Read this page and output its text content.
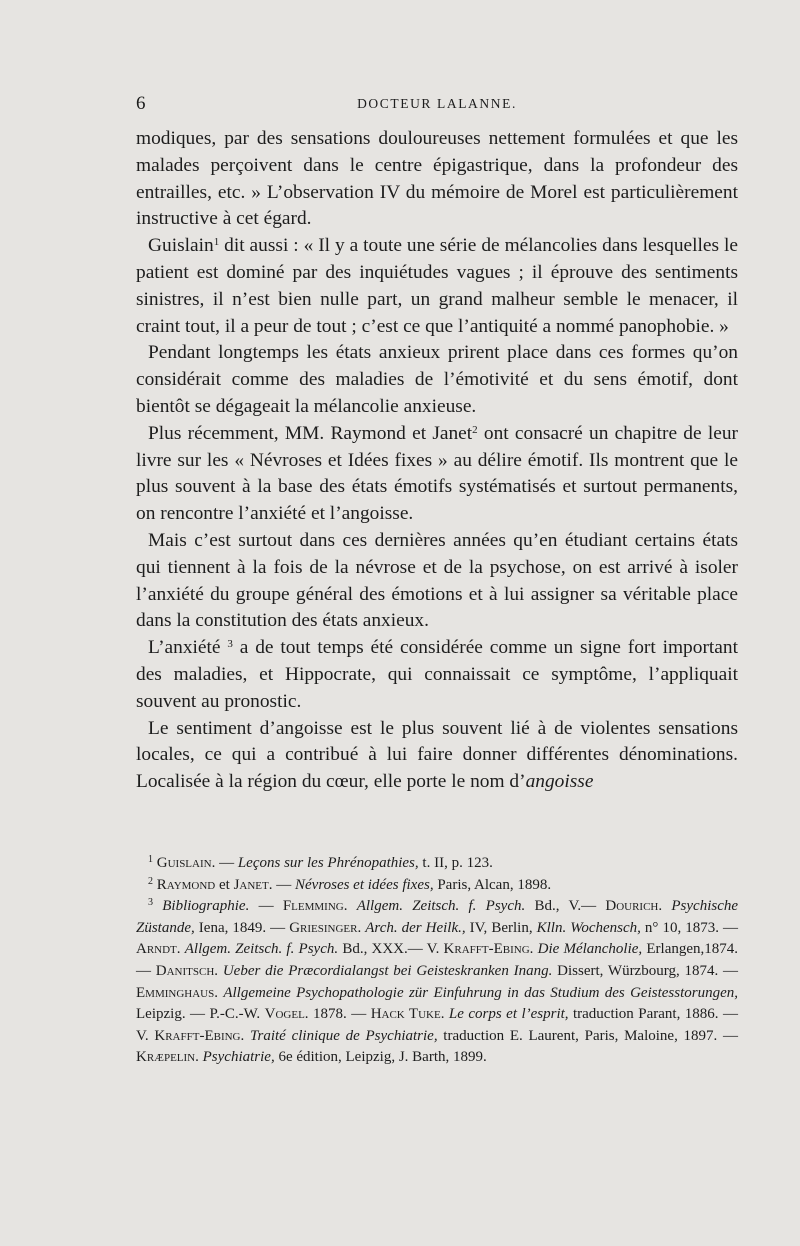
6	DOCTEUR LALANNE.

modiques, par des sensations douloureuses nettement formulées et que les malades perçoivent dans le centre épigastrique, dans la profondeur des entrailles, etc. » L’observation IV du mémoire de Morel est particulièrement instructive à cet égard.

Guislain$^1$ dit aussi : « Il y a toute une série de mélancolies dans lesquelles le patient est dominé par des inquiétudes vagues ; il éprouve des sentiments sinistres, il n’est bien nulle part, un grand malheur semble le menacer, il craint tout, il a peur de tout ; c’est ce que l’antiquité a nommé panophobie. »

Pendant longtemps les états anxieux prirent place dans ces formes qu’on considérait comme des maladies de l’émotivité et du sens émotif, dont bientôt se dégageait la mélancolie anxieuse.

Plus récemment, MM. Raymond et Janet$^2$ ont consacré un chapitre de leur livre sur les « Névroses et Idées fixes » au délire émotif. Ils montrent que le plus souvent à la base des états émotifs systématisés et surtout permanents, on rencontre l’anxiété et l’angoisse.

Mais c’est surtout dans ces dernières années qu’en étudiant certains états qui tiennent à la fois de la névrose et de la psychose, on est arrivé à isoler l’anxiété du groupe général des émotions et à lui assigner sa véritable place dans la constitution des états anxieux.

L’anxiété $^3$ a de tout temps été considérée comme un signe fort important des maladies, et Hippocrate, qui connaissait ce symptôme, l’appliquait souvent au pronostic.

Le sentiment d’angoisse est le plus souvent lié à de violentes sensations locales, ce qui a contribué à lui faire donner différentes dénominations. Localisée à la région du cœur, elle porte le nom d’angoisse

$^1$ Guislain. — Leçons sur les Phrénopathies, t. II, p. 123.

$^2$ Raymond et Janet. — Névroses et idées fixes, Paris, Alcan, 1898.

$^3$ Bibliographie. — Flemming. Allgem. Zeitsch. f. Psych. Bd., V.— Dourich. Psychische Züstande, Iena, 1849. — Griesinger. Arch. der Heilk., IV, Berlin, Klln. Wochensch, n° 10, 1873. — Arndt. Allgem. Zeitsch. f. Psych. Bd., XXX.— V. Krafft-Ebing. Die Mélancholie, Erlangen,1874.— Danitsch. Ueber die Præcordialangst bei Geisteskranken Inang. Dissert, Würzbourg, 1874. — Emminghaus. Allgemeine Psychopathologie zür Einfuhrung in das Studium des Geistesstorungen, Leipzig. — P.-C.-W. Vogel. 1878. — Hack Tuke. Le corps et l’esprit, traduction Parant, 1886. — V. Krafft-Ebing. Traité clinique de Psychiatrie, traduction E. Laurent, Paris, Maloine, 1897. — Kræpelin. Psychiatrie, 6e édition, Leipzig, J. Barth, 1899.
